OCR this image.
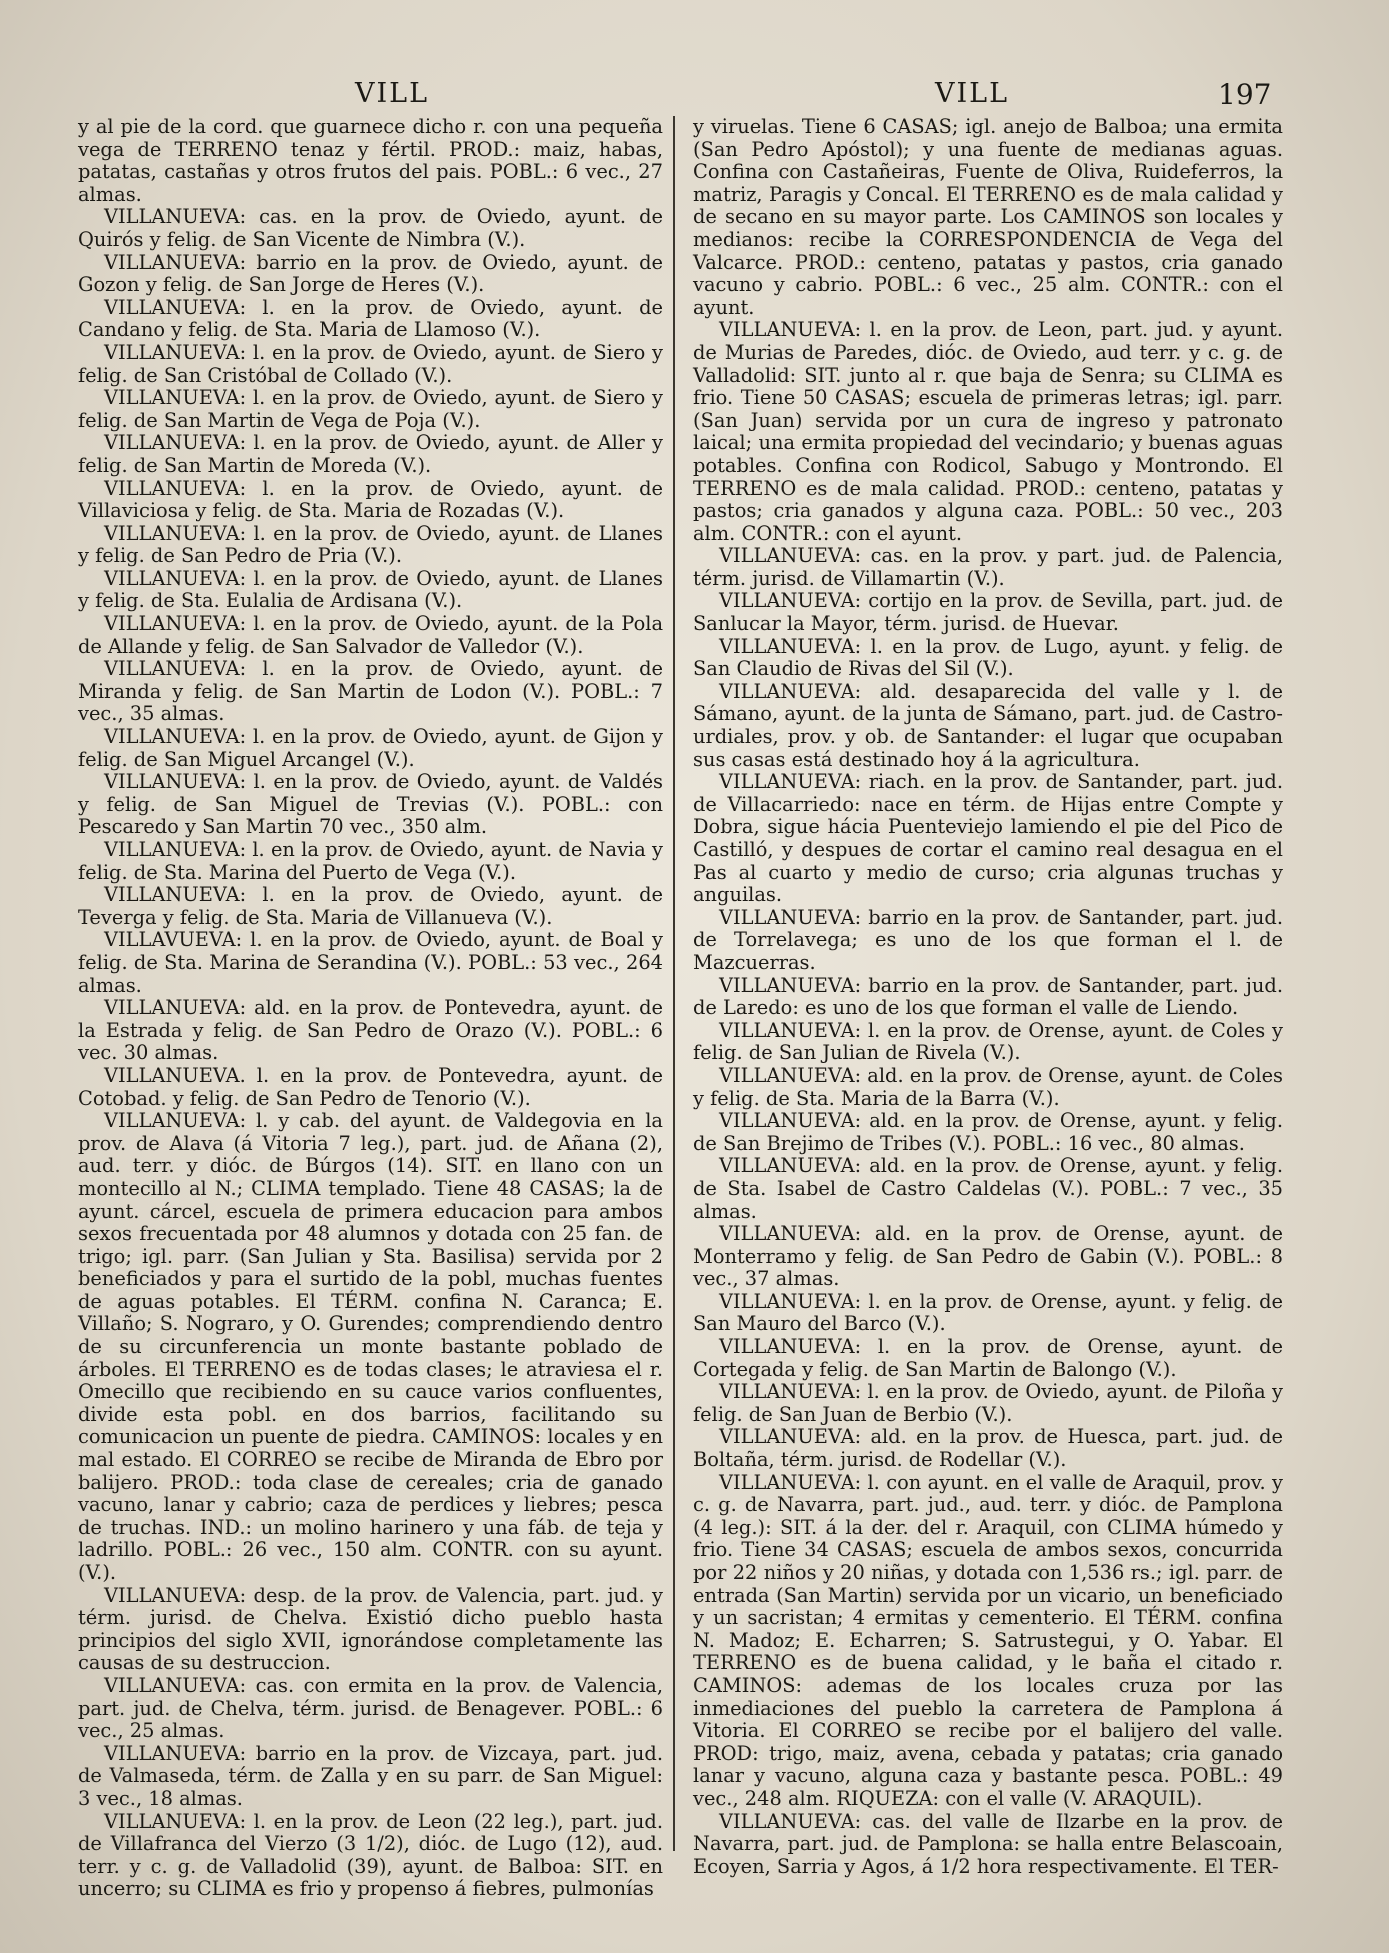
VILL	VILL	197

y al pie de la cord. que guarnece dicho r. con una pequeña vega de TERRENO tenaz y fértil. PROD.: maiz, habas, patatas, castañas y otros frutos del pais. POBL.: 6 vec., 27 almas.

VILLANUEVA: cas. en la prov. de Oviedo, ayunt. de Quirós y felig. de San Vicente de Nimbra (V.).

VILLANUEVA: barrio en la prov. de Oviedo, ayunt. de Gozon y felig. de San Jorge de Heres (V.).

VILLANUEVA: l. en la prov. de Oviedo, ayunt. de Candano y felig. de Sta. Maria de Llamoso (V.).

VILLANUEVA: l. en la prov. de Oviedo, ayunt. de Siero y felig. de San Cristóbal de Collado (V.).

VILLANUEVA: l. en la prov. de Oviedo, ayunt. de Siero y felig. de San Martin de Vega de Poja (V.).

VILLANUEVA: l. en la prov. de Oviedo, ayunt. de Aller y felig. de San Martin de Moreda (V.).

VILLANUEVA: l. en la prov. de Oviedo, ayunt. de Villaviciosa y felig. de Sta. Maria de Rozadas (V.).

VILLANUEVA: l. en la prov. de Oviedo, ayunt. de Llanes y felig. de San Pedro de Pria (V.).

VILLANUEVA: l. en la prov. de Oviedo, ayunt. de Llanes y felig. de Sta. Eulalia de Ardisana (V.).

VILLANUEVA: l. en la prov. de Oviedo, ayunt. de la Pola de Allande y felig. de San Salvador de Valledor (V.).

VILLANUEVA: l. en la prov. de Oviedo, ayunt. de Miranda y felig. de San Martin de Lodon (V.). POBL.: 7 vec., 35 almas.

VILLANUEVA: l. en la prov. de Oviedo, ayunt. de Gijon y felig. de San Miguel Arcangel (V.).

VILLANUEVA: l. en la prov. de Oviedo, ayunt. de Valdés y felig. de San Miguel de Trevias (V.). POBL.: con Pescaredo y San Martin 70 vec., 350 alm.

VILLANUEVA: l. en la prov. de Oviedo, ayunt. de Navia y felig. de Sta. Marina del Puerto de Vega (V.).

VILLANUEVA: l. en la prov. de Oviedo, ayunt. de Teverga y felig. de Sta. Maria de Villanueva (V.).

VILLAVUEVA: l. en la prov. de Oviedo, ayunt. de Boal y felig. de Sta. Marina de Serandina (V.). POBL.: 53 vec., 264 almas.

VILLANUEVA: ald. en la prov. de Pontevedra, ayunt. de la Estrada y felig. de San Pedro de Orazo (V.). POBL.: 6 vec. 30 almas.

VILLANUEVA. l. en la prov. de Pontevedra, ayunt. de Cotobad. y felig. de San Pedro de Tenorio (V.).

VILLANUEVA: l. y cab. del ayunt. de Valdegovia en la prov. de Alava (á Vitoria 7 leg.), part. jud. de Añana (2), aud. terr. y dióc. de Búrgos (14). SIT. en llano con un montecillo al N.; CLIMA templado. Tiene 48 CASAS; la de ayunt. cárcel, escuela de primera educacion para ambos sexos frecuentada por 48 alumnos y dotada con 25 fan. de trigo; igl. parr. (San Julian y Sta. Basilisa) servida por 2 beneficiados y para el surtido de la pobl, muchas fuentes de aguas potables. El TÉRM. confina N. Caranca; E. Villaño; S. Nograro, y O. Gurendes; comprendiendo dentro de su circunferencia un monte bastante poblado de árboles. El TERRENO es de todas clases; le atraviesa el r. Omecillo que recibiendo en su cauce varios confluentes, divide esta pobl. en dos barrios, facilitando su comunicacion un puente de piedra. CAMINOS: locales y en mal estado. El CORREO se recibe de Miranda de Ebro por balijero. PROD.: toda clase de cereales; cria de ganado vacuno, lanar y cabrio; caza de perdices y liebres; pesca de truchas. IND.: un molino harinero y una fáb. de teja y ladrillo. POBL.: 26 vec., 150 alm. CONTR. con su ayunt. (V.).

VILLANUEVA: desp. de la prov. de Valencia, part. jud. y térm. jurisd. de Chelva. Existió dicho pueblo hasta principios del siglo XVII, ignorándose completamente las causas de su destruccion.

VILLANUEVA: cas. con ermita en la prov. de Valencia, part. jud. de Chelva, térm. jurisd. de Benagever. POBL.: 6 vec., 25 almas.

VILLANUEVA: barrio en la prov. de Vizcaya, part. jud. de Valmaseda, térm. de Zalla y en su parr. de San Miguel: 3 vec., 18 almas.

VILLANUEVA: l. en la prov. de Leon (22 leg.), part. jud. de Villafranca del Vierzo (3 1/2), dióc. de Lugo (12), aud. terr. y c. g. de Valladolid (39), ayunt. de Balboa: SIT. en uncerro; su CLIMA es frio y propenso á fiebres, pulmonías

y viruelas. Tiene 6 CASAS; igl. anejo de Balboa; una ermita (San Pedro Apóstol); y una fuente de medianas aguas. Confina con Castañeiras, Fuente de Oliva, Ruideferros, la matriz, Paragis y Concal. El TERRENO es de mala calidad y de secano en su mayor parte. Los CAMINOS son locales y medianos: recibe la CORRESPONDENCIA de Vega del Valcarce. PROD.: centeno, patatas y pastos, cria ganado vacuno y cabrio. POBL.: 6 vec., 25 alm. CONTR.: con el ayunt.

VILLANUEVA: l. en la prov. de Leon, part. jud. y ayunt. de Murias de Paredes, dióc. de Oviedo, aud terr. y c. g. de Valladolid: SIT. junto al r. que baja de Senra; su CLIMA es frio. Tiene 50 CASAS; escuela de primeras letras; igl. parr. (San Juan) servida por un cura de ingreso y patronato laical; una ermita propiedad del vecindario; y buenas aguas potables. Confina con Rodicol, Sabugo y Montrondo. El TERRENO es de mala calidad. PROD.: centeno, patatas y pastos; cria ganados y alguna caza. POBL.: 50 vec., 203 alm. CONTR.: con el ayunt.

VILLANUEVA: cas. en la prov. y part. jud. de Palencia, térm. jurisd. de Villamartin (V.).

VILLANUEVA: cortijo en la prov. de Sevilla, part. jud. de Sanlucar la Mayor, térm. jurisd. de Huevar.

VILLANUEVA: l. en la prov. de Lugo, ayunt. y felig. de San Claudio de Rivas del Sil (V.).

VILLANUEVA: ald. desaparecida del valle y l. de Sámano, ayunt. de la junta de Sámano, part. jud. de Castro-urdiales, prov. y ob. de Santander: el lugar que ocupaban sus casas está destinado hoy á la agricultura.

VILLANUEVA: riach. en la prov. de Santander, part. jud. de Villacarriedo: nace en térm. de Hijas entre Compte y Dobra, sigue hácia Puenteviejo lamiendo el pie del Pico de Castilló, y despues de cortar el camino real desagua en el Pas al cuarto y medio de curso; cria algunas truchas y anguilas.

VILLANUEVA: barrio en la prov. de Santander, part. jud. de Torrelavega; es uno de los que forman el l. de Mazcuerras.

VILLANUEVA: barrio en la prov. de Santander, part. jud. de Laredo: es uno de los que forman el valle de Liendo.

VILLANUEVA: l. en la prov. de Orense, ayunt. de Coles y felig. de San Julian de Rivela (V.).

VILLANUEVA: ald. en la prov. de Orense, ayunt. de Coles y felig. de Sta. Maria de la Barra (V.).

VILLANUEVA: ald. en la prov. de Orense, ayunt. y felig. de San Brejimo de Tribes (V.). POBL.: 16 vec., 80 almas.

VILLANUEVA: ald. en la prov. de Orense, ayunt. y felig. de Sta. Isabel de Castro Caldelas (V.). POBL.: 7 vec., 35 almas.

VILLANUEVA: ald. en la prov. de Orense, ayunt. de Monterramo y felig. de San Pedro de Gabin (V.). POBL.: 8 vec., 37 almas.

VILLANUEVA: l. en la prov. de Orense, ayunt. y felig. de San Mauro del Barco (V.).

VILLANUEVA: l. en la prov. de Orense, ayunt. de Cortegada y felig. de San Martin de Balongo (V.).

VILLANUEVA: l. en la prov. de Oviedo, ayunt. de Piloña y felig. de San Juan de Berbio (V.).

VILLANUEVA: ald. en la prov. de Huesca, part. jud. de Boltaña, térm. jurisd. de Rodellar (V.).

VILLANUEVA: l. con ayunt. en el valle de Araquil, prov. y c. g. de Navarra, part. jud., aud. terr. y dióc. de Pamplona (4 leg.): SIT. á la der. del r. Araquil, con CLIMA húmedo y frio. Tiene 34 CASAS; escuela de ambos sexos, concurrida por 22 niños y 20 niñas, y dotada con 1,536 rs.; igl. parr. de entrada (San Martin) servida por un vicario, un beneficiado y un sacristan; 4 ermitas y cementerio. El TÉRM. confina N. Madoz; E. Echarren; S. Satrustegui, y O. Yabar. El TERRENO es de buena calidad, y le baña el citado r. CAMINOS: ademas de los locales cruza por las inmediaciones del pueblo la carretera de Pamplona á Vitoria. El CORREO se recibe por el balijero del valle. PROD: trigo, maiz, avena, cebada y patatas; cria ganado lanar y vacuno, alguna caza y bastante pesca. POBL.: 49 vec., 248 alm. RIQUEZA: con el valle (V. ARAQUIL).

VILLANUEVA: cas. del valle de Ilzarbe en la prov. de Navarra, part. jud. de Pamplona: se halla entre Belascoain, Ecoyen, Sarria y Agos, á 1/2 hora respectivamente. El TER-
